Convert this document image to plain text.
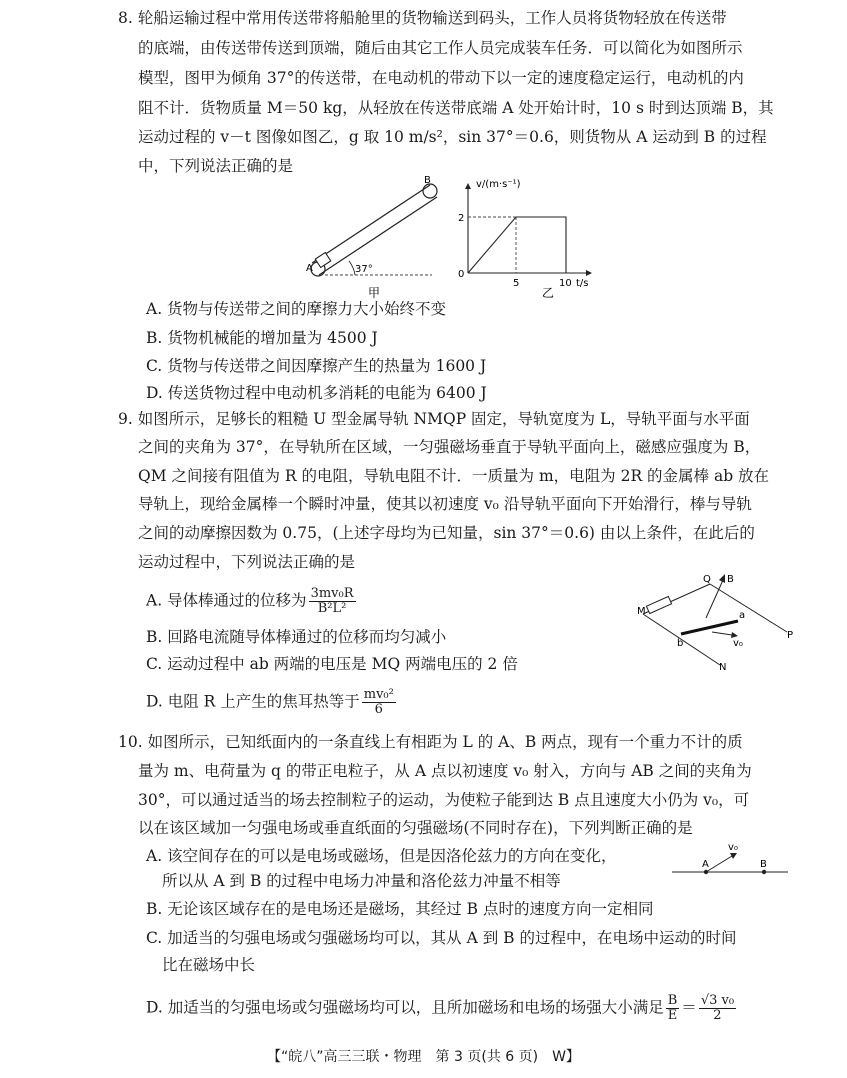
8. 轮船运输过程中常用传送带将船舱里的货物输送到码头，工作人员将货物轻放在传送带
的底端，由传送带传送到顶端，随后由其它工作人员完成装车任务．可以简化为如图所示
模型，图甲为倾角 37°的传送带，在电动机的带动下以一定的速度稳定运行，电动机的内
阻不计．货物质量 M＝50 kg，从轻放在传送带底端 A 处开始计时，10 s 时到达顶端 B，其
运动过程的 v－t 图像如图乙，g 取 10 m/s²，sin 37°＝0.6，则货物从 A 运动到 B 的过程
中，下列说法正确的是
A
B
37°
甲
v/(m·s⁻¹)
2
0
5	10 t/s
乙
A. 货物与传送带之间的摩擦力大小始终不变
B. 货物机械能的增加量为 4500 J
C. 货物与传送带之间因摩擦产生的热量为 1600 J
D. 传送货物过程中电动机多消耗的电能为 6400 J
9. 如图所示，足够长的粗糙 U 型金属导轨 NMQP 固定，导轨宽度为 L，导轨平面与水平面
之间的夹角为 37°，在导轨所在区域，一匀强磁场垂直于导轨平面向上，磁感应强度为 B，
QM 之间接有阻值为 R 的电阻，导轨电阻不计．一质量为 m，电阻为 2R 的金属棒 ab 放在
导轨上，现给金属棒一个瞬时冲量，使其以初速度 v₀ 沿导轨平面向下开始滑行，棒与导轨
之间的动摩擦因数为 0.75，(上述字母均为已知量，sin 37°＝0.6) 由以上条件，在此后的
运动过程中，下列说法正确的是
A. 导体棒通过的位移为 $\frac{\text{3mv₀R}}{\text{B²L²}}$
B. 回路电流随导体棒通过的位移而均匀减小
C. 运动过程中 ab 两端的电压是 MQ 两端电压的 2 倍
D. 电阻 R 上产生的焦耳热等于 $\frac{\text{mv₀²}}{6}$
M
Q B
a
b	v₀
P
N
10. 如图所示，已知纸面内的一条直线上有相距为 L 的 A、B 两点，现有一个重力不计的质
量为 m、电荷量为 q 的带正电粒子，从 A 点以初速度 v₀ 射入，方向与 AB 之间的夹角为
30°，可以通过适当的场去控制粒子的运动，为使粒子能到达 B 点且速度大小仍为 v₀，可
以在该区域加一匀强电场或垂直纸面的匀强磁场(不同时存在)，下列判断正确的是
A. 该空间存在的可以是电场或磁场，但是因洛伦兹力的方向在变化，
所以从 A 到 B 的过程中电场力冲量和洛伦兹力冲量不相等
B. 无论该区域存在的是电场还是磁场，其经过 B 点时的速度方向一定相同
C. 加适当的匀强电场或匀强磁场均可以，其从 A 到 B 的过程中，在电场中运动的时间
比在磁场中长
D. 加适当的匀强电场或匀强磁场均可以，且所加磁场和电场的场强大小满足 $\frac{B}{E} = \frac{\text{√3 v₀}}{2}$
A	B
v₀
【“皖八”高三三联・物理　第 3 页(共 6 页)　W】
